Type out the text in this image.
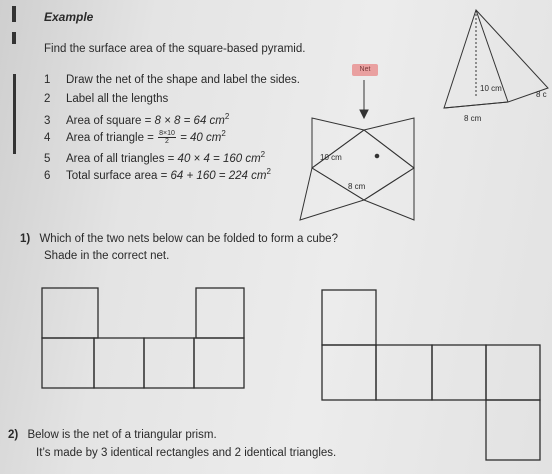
Example
Find the surface area of the square-based pyramid.
1 Draw the net of the shape and label the sides.
2 Label all the lengths
3 Area of square = 8 × 8 = 64 $cm^2$
4 Area of triangle = $\frac{8\times 10}{2} = 40$ $cm^2$
5 Area of all triangles = 40 × 4 = 160 $cm^2$
6 Total surface area = 64 + 160 = 224 $cm^2$
Net
10 cm
8 cm
10 cm
8 cm
8 c
1) Which of the two nets below can be folded to form a cube?
Shade in the correct net.
2) Below is the net of a triangular prism.
It’s made by 3 identical rectangles and 2 identical triangles.
